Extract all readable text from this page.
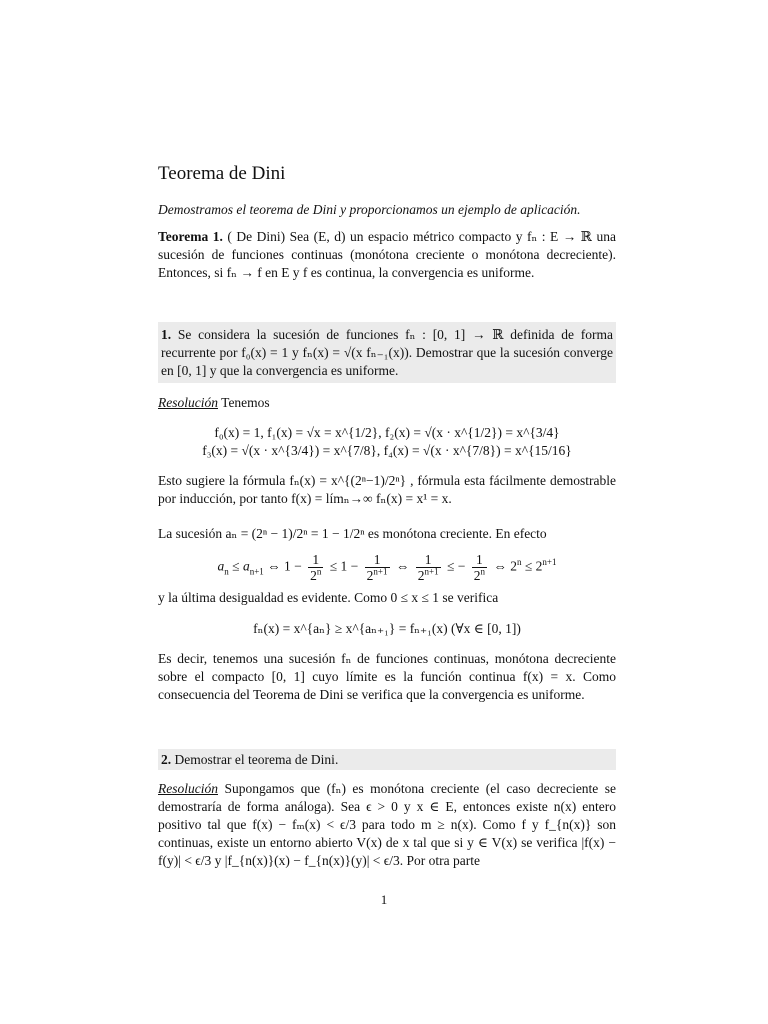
Teorema de Dini
Demostramos el teorema de Dini y proporcionamos un ejemplo de aplicación.
Teorema 1. ( De Dini) Sea (E, d) un espacio métrico compacto y fₙ : E → ℝ una sucesión de funciones continuas (monótona creciente o monótona decreciente). Entonces, si fₙ → f en E y f es continua, la convergencia es uniforme.
1. Se considera la sucesión de funciones fₙ : [0, 1] → ℝ definida de forma recurrente por f₀(x) = 1 y fₙ(x) = √(x fₙ₋₁(x)). Demostrar que la sucesión converge en [0, 1] y que la convergencia es uniforme.
Resolución Tenemos
f₀(x) = 1, f₁(x) = √x = x^{1/2}, f₂(x) = √(x · x^{1/2}) = x^{3/4}
f₃(x) = √(x · x^{3/4}) = x^{7/8}, f₄(x) = √(x · x^{7/8}) = x^{15/16}
Esto sugiere la fórmula fₙ(x) = x^{(2ⁿ−1)/2ⁿ} , fórmula esta fácilmente demostrable por inducción, por tanto f(x) = límₙ→∞ fₙ(x) = x¹ = x.
La sucesión aₙ = (2ⁿ − 1)/2ⁿ = 1 − 1/2ⁿ es monótona creciente. En efecto
$a_n \le a_{n+1}$ ⇔ $1 - \frac{1}{2^n} \le 1 - \frac{1}{2^{n+1}}$ ⇔ $\frac{1}{2^{n+1}}$ ≤ − $\frac{1}{2^n}$ ⇔ $2^n \le 2^{n+1}$
y la última desigualdad es evidente. Como 0 ≤ x ≤ 1 se verifica
fₙ(x) = x^{aₙ} ≥ x^{aₙ₊₁} = fₙ₊₁(x) (∀x ∈ [0, 1])
Es decir, tenemos una sucesión fₙ de funciones continuas, monótona decreciente sobre el compacto [0, 1] cuyo límite es la función continua f(x) = x. Como consecuencia del Teorema de Dini se verifica que la convergencia es uniforme.
2. Demostrar el teorema de Dini.
Resolución Supongamos que (fₙ) es monótona creciente (el caso decreciente se demostraría de forma análoga). Sea ϵ > 0 y x ∈ E, entonces existe n(x) entero positivo tal que f(x) − fₘ(x) < ϵ/3 para todo m ≥ n(x). Como f y f_{n(x)} son continuas, existe un entorno abierto V(x) de x tal que si y ∈ V(x) se verifica |f(x) − f(y)| < ϵ/3 y |f_{n(x)}(x) − f_{n(x)}(y)| < ϵ/3. Por otra parte
1
